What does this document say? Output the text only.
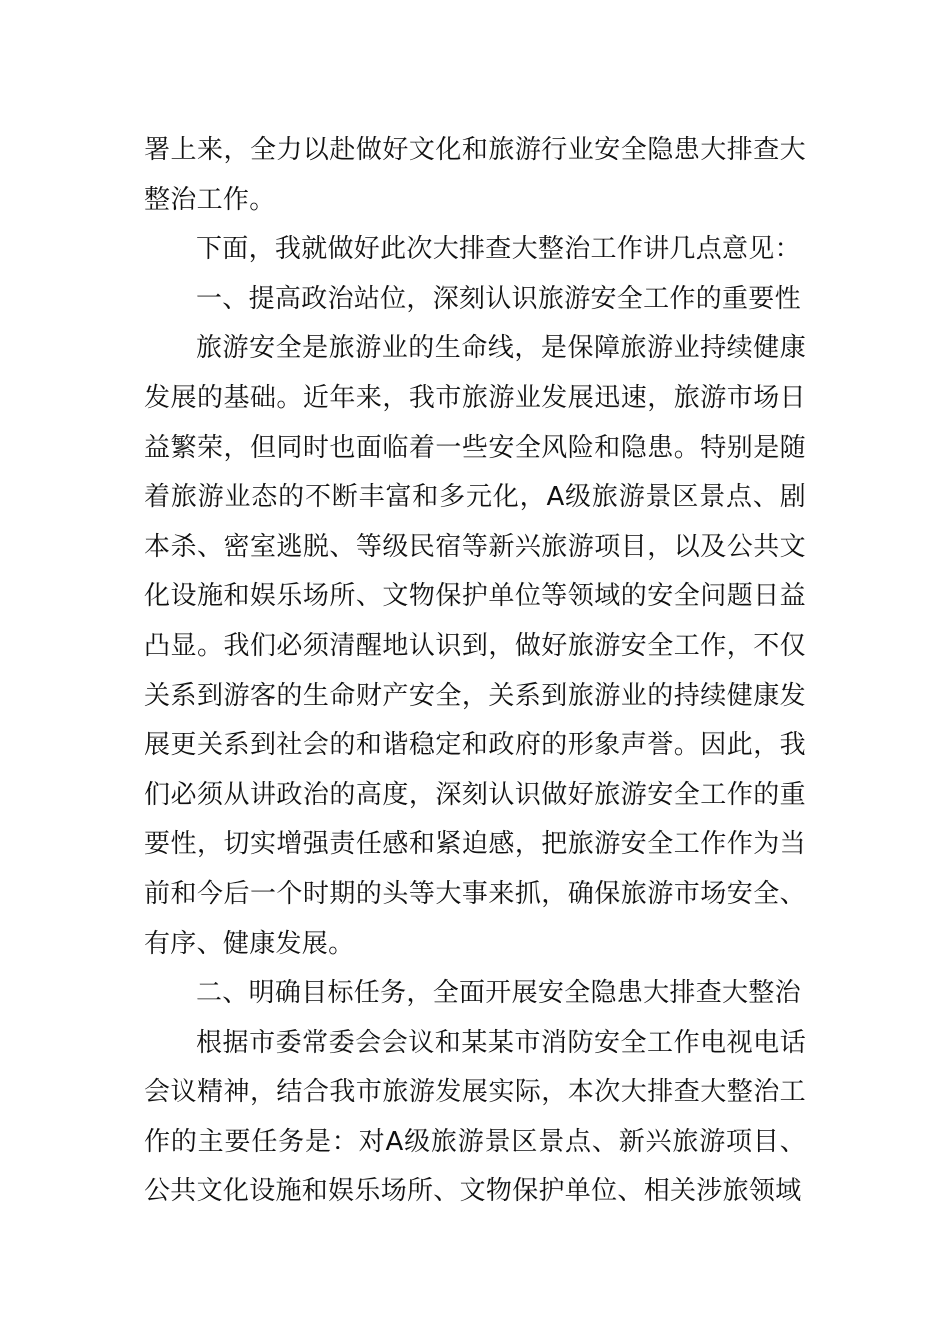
署上来，全力以赴做好文化和旅游行业安全隐患大排查大整治工作。

下面，我就做好此次大排查大整治工作讲几点意见：

一、提高政治站位，深刻认识旅游安全工作的重要性

旅游安全是旅游业的生命线，是保障旅游业持续健康发展的基础。近年来，我市旅游业发展迅速，旅游市场日益繁荣，但同时也面临着一些安全风险和隐患。特别是随着旅游业态的不断丰富和多元化，A级旅游景区景点、剧本杀、密室逃脱、等级民宿等新兴旅游项目，以及公共文化设施和娱乐场所、文物保护单位等领域的安全问题日益凸显。我们必须清醒地认识到，做好旅游安全工作，不仅关系到游客的生命财产安全，关系到旅游业的持续健康发展更关系到社会的和谐稳定和政府的形象声誉。因此，我们必须从讲政治的高度，深刻认识做好旅游安全工作的重要性，切实增强责任感和紧迫感，把旅游安全工作作为当前和今后一个时期的头等大事来抓，确保旅游市场安全、有序、健康发展。

二、明确目标任务，全面开展安全隐患大排查大整治

根据市委常委会会议和某某市消防安全工作电视电话会议精神，结合我市旅游发展实际，本次大排查大整治工作的主要任务是：对A级旅游景区景点、新兴旅游项目、公共文化设施和娱乐场所、文物保护单位、相关涉旅领域
